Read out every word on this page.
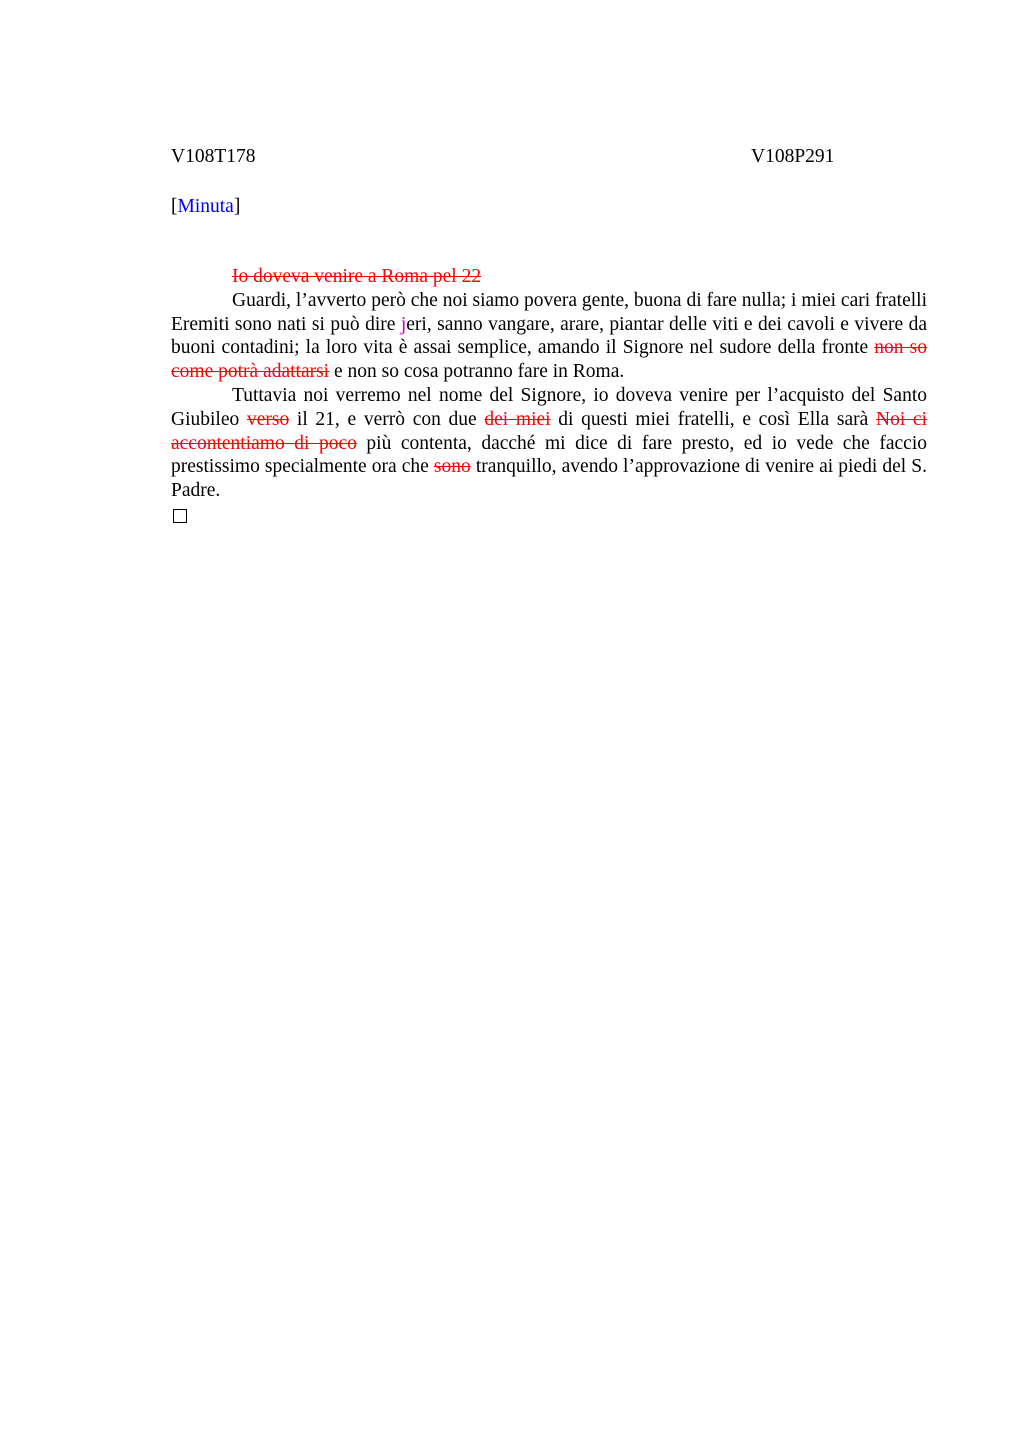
V108T178	V108P291
[Minuta]

Io doveva venire a Roma pel 22

Guardi, l’avverto però che noi siamo povera gente, buona di fare nulla; i miei cari fratelli Eremiti sono nati si può dire jeri, sanno vangare, arare, piantar delle viti e dei cavoli e vivere da buoni contadini; la loro vita è assai semplice, amando il Signore nel sudore della fronte non so come potrà adattarsi e non so cosa potranno fare in Roma.

Tuttavia noi verremo nel nome del Signore, io doveva venire per l’acquisto del Santo Giubileo verso il 21, e verrò con due dei miei di questi miei fratelli, e così Ella sarà Noi ci accontentiamo di poco più contenta, dacché mi dice di fare presto, ed io vede che faccio prestissimo specialmente ora che sono tranquillo, avendo l’approvazione di venire ai piedi del S. Padre.
